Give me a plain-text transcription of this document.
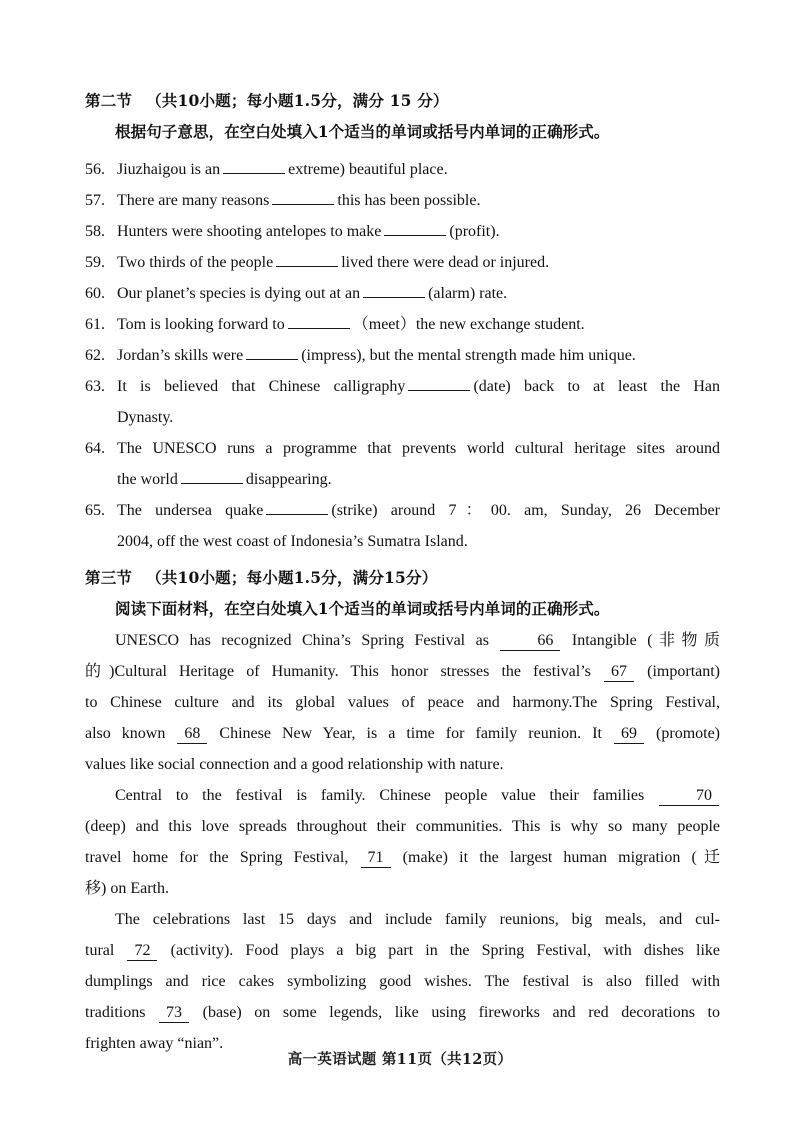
第二节 （共10小题；每小题1.5分，满分 15 分）
根据句子意思，在空白处填入1个适当的单词或括号内单词的正确形式。
56. Jiuzhaigou is an	extreme) beautiful place.
57. There are many reasons	this has been possible.
58. Hunters were shooting antelopes to make	(profit).
59. Two thirds of the people	lived there were dead or injured.
60. Our planet’s species is dying out at an	(alarm) rate.
61. Tom is looking forward to	（meet）the new exchange student.
62. Jordan’s skills were	(impress), but the mental strength made him unique.
63. It is believed that Chinese calligraphy	(date) back to at least the Han
Dynasty.
64. The UNESCO runs a programme that prevents world cultural heritage sites around
the world	disappearing.
65. The undersea quake	(strike) around 7：00. am, Sunday, 26 December
2004, off the west coast of Indonesia’s Sumatra Island.
第三节 （共10小题；每小题1.5分，满分15分）
阅读下面材料，在空白处填入1个适当的单词或括号内单词的正确形式。
UNESCO has recognized China’s Spring Festival as	66 Intangible (非物质
的)Cultural Heritage of Humanity. This honor stresses the festival’s 67 (important)
to Chinese culture and its global values of peace and harmony.The Spring Festival,
also known 68 Chinese New Year, is a time for family reunion. It 69 (promote)
values like social connection and a good relationship with nature.
Central to the festival is family. Chinese people value their families	70
(deep) and this love spreads throughout their communities. This is why so many people
travel home for the Spring Festival, 71 (make) it the largest human migration (迁
移) on Earth.
The celebrations last 15 days and include family reunions, big meals, and cul-
tural 72 (activity). Food plays a big part in the Spring Festival, with dishes like
dumplings and rice cakes symbolizing good wishes. The festival is also filled with
traditions 73 (base) on some legends, like using fireworks and red decorations to
frighten away “nian”.
高一英语试题 第11页（共12页）
